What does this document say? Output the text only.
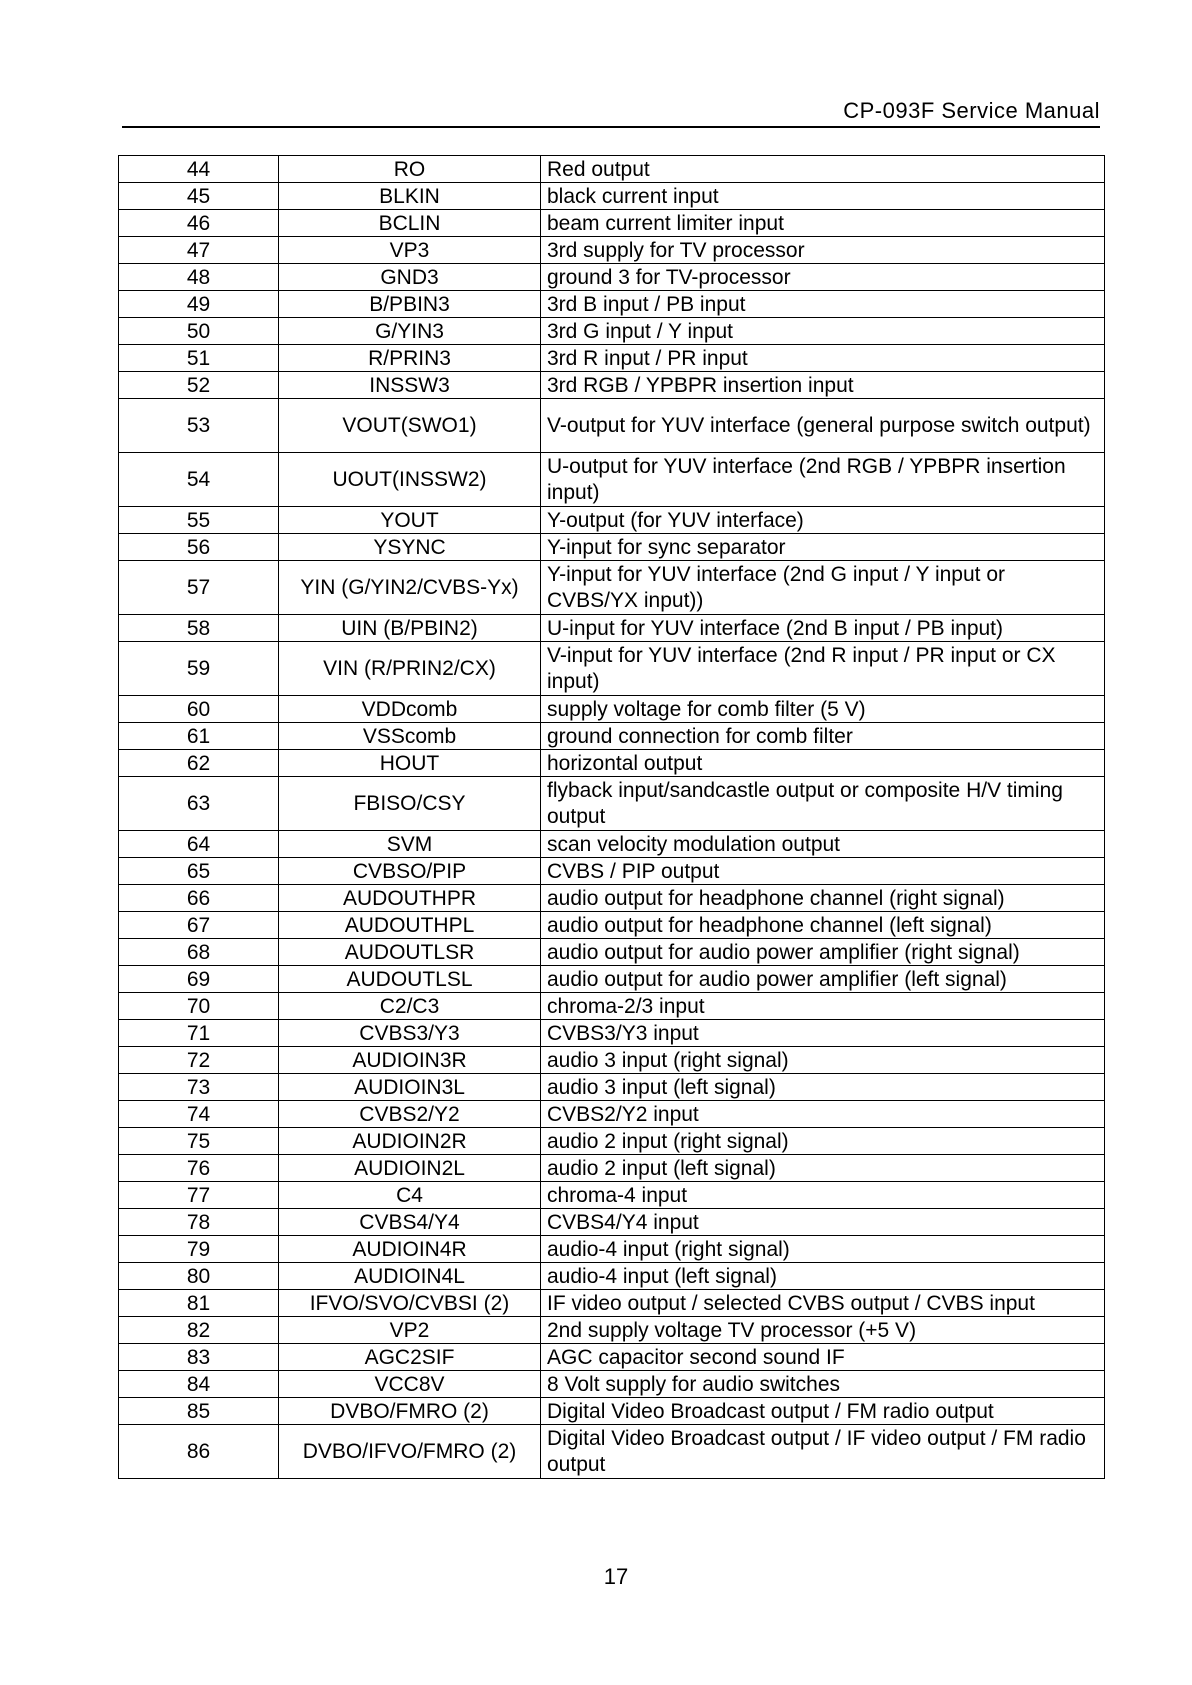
CP-093F Service Manual
44	RO	Red output
45	BLKIN	black current input
46	BCLIN	beam current limiter input
47	VP3	3rd supply for TV processor
48	GND3	ground 3 for TV-processor
49	B/PBIN3	3rd B input / PB input
50	G/YIN3	3rd G input / Y input
51	R/PRIN3	3rd R input / PR input
52	INSSW3	3rd RGB / YPBPR insertion input
53	VOUT(SWO1)	V-output for YUV interface (general purpose switch output)
54	UOUT(INSSW2)	U-output for YUV interface (2nd RGB / YPBPR insertion input)
55	YOUT	Y-output (for YUV interface)
56	YSYNC	Y-input for sync separator
57	YIN (G/YIN2/CVBS-Yx)	Y-input for YUV interface (2nd G input / Y input or CVBS/YX input))
58	UIN (B/PBIN2)	U-input for YUV interface (2nd B input / PB input)
59	VIN (R/PRIN2/CX)	V-input for YUV interface (2nd R input / PR input or CX input)
60	VDDcomb	supply voltage for comb filter (5 V)
61	VSScomb	ground connection for comb filter
62	HOUT	horizontal output
63	FBISO/CSY	flyback input/sandcastle output or composite H/V timing output
64	SVM	scan velocity modulation output
65	CVBSO/PIP	CVBS / PIP output
66	AUDOUTHPR	audio output for headphone channel (right signal)
67	AUDOUTHPL	audio output for headphone channel (left signal)
68	AUDOUTLSR	audio output for audio power amplifier (right signal)
69	AUDOUTLSL	audio output for audio power amplifier (left signal)
70	C2/C3	chroma-2/3 input
71	CVBS3/Y3	CVBS3/Y3 input
72	AUDIOIN3R	audio 3 input (right signal)
73	AUDIOIN3L	audio 3 input (left signal)
74	CVBS2/Y2	CVBS2/Y2 input
75	AUDIOIN2R	audio 2 input (right signal)
76	AUDIOIN2L	audio 2 input (left signal)
77	C4	chroma-4 input
78	CVBS4/Y4	CVBS4/Y4 input
79	AUDIOIN4R	audio-4 input (right signal)
80	AUDIOIN4L	audio-4 input (left signal)
81	IFVO/SVO/CVBSI (2)	IF video output / selected CVBS output / CVBS input
82	VP2	2nd supply voltage TV processor (+5 V)
83	AGC2SIF	AGC capacitor second sound IF
84	VCC8V	8 Volt supply for audio switches
85	DVBO/FMRO (2)	Digital Video Broadcast output / FM radio output
86	DVBO/IFVO/FMRO (2)	Digital Video Broadcast output / IF video output / FM radio output
17
